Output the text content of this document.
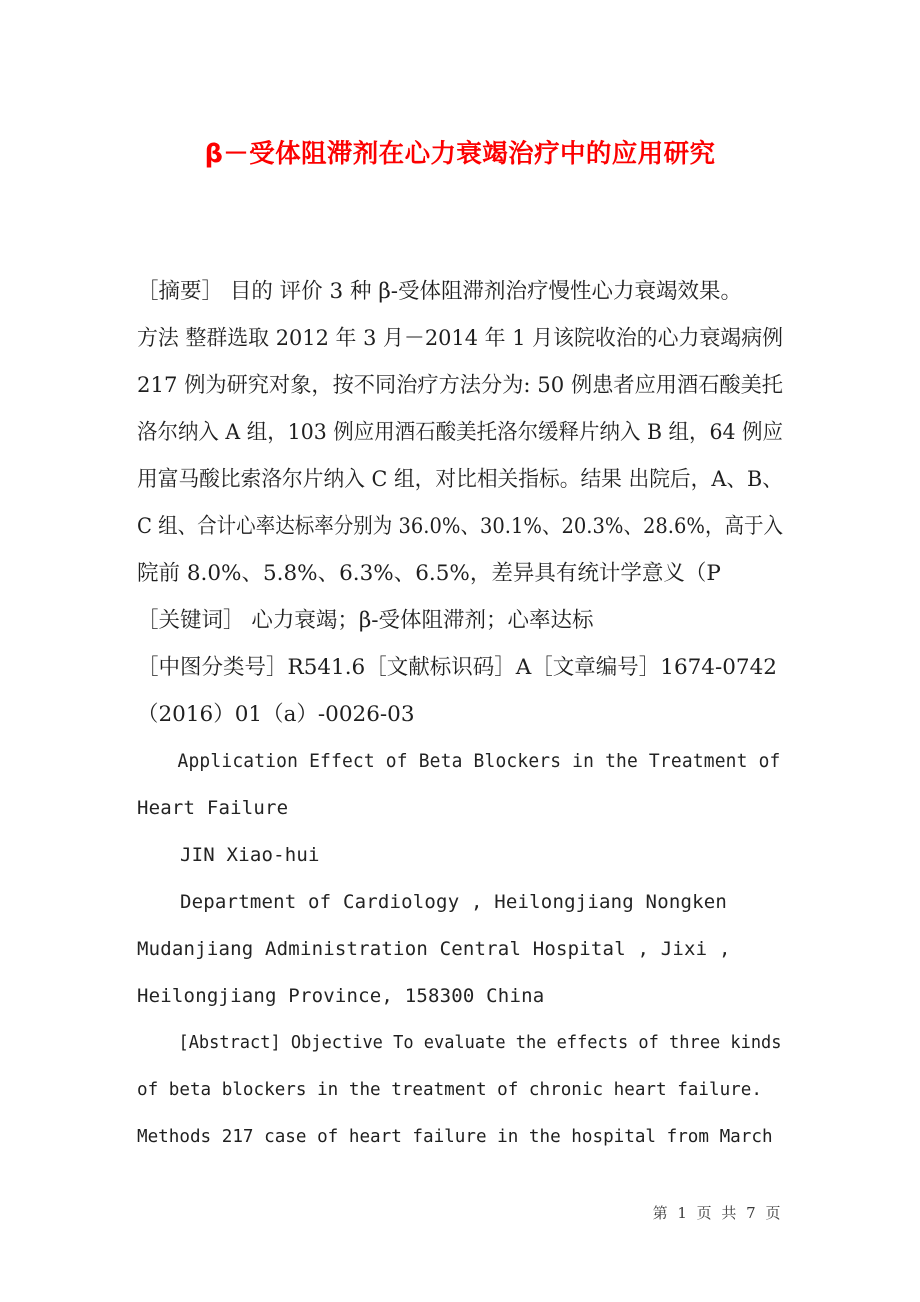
β－受体阻滞剂在心力衰竭治疗中的应用研究
［摘要］ 目的 评价 3 种 β-受体阻滞剂治疗慢性心力衰竭效果。
方法 整群选取 2012 年 3 月－2014 年 1 月该院收治的心力衰竭病例
217 例为研究对象，按不同治疗方法分为: 50 例患者应用酒石酸美托
洛尔纳入 A 组，103 例应用酒石酸美托洛尔缓释片纳入 B 组，64 例应
用富马酸比索洛尔片纳入 C 组，对比相关指标。结果 出院后，A、B、
C 组、合计心率达标率分别为 36.0%、30.1%、20.3%、28.6%，高于入
院前 8.0%、5.8%、6.3%、6.5%，差异具有统计学意义（P
［关键词］ 心力衰竭；β-受体阻滞剂；心率达标
［中图分类号］R541.6［文献标识码］A［文章编号］1674-0742
（2016）01（a）-0026-03
Application Effect of Beta Blockers in the Treatment of
Heart Failure
JIN Xiao-hui
Department of Cardiology , Heilongjiang Nongken
Mudanjiang Administration Central Hospital , Jixi ,
Heilongjiang Province, 158300 China
[Abstract] Objective To evaluate the effects of three kinds
of beta blockers in the treatment of chronic heart failure.
Methods 217 case of heart failure in the hospital from March
第 1 页 共 7 页
